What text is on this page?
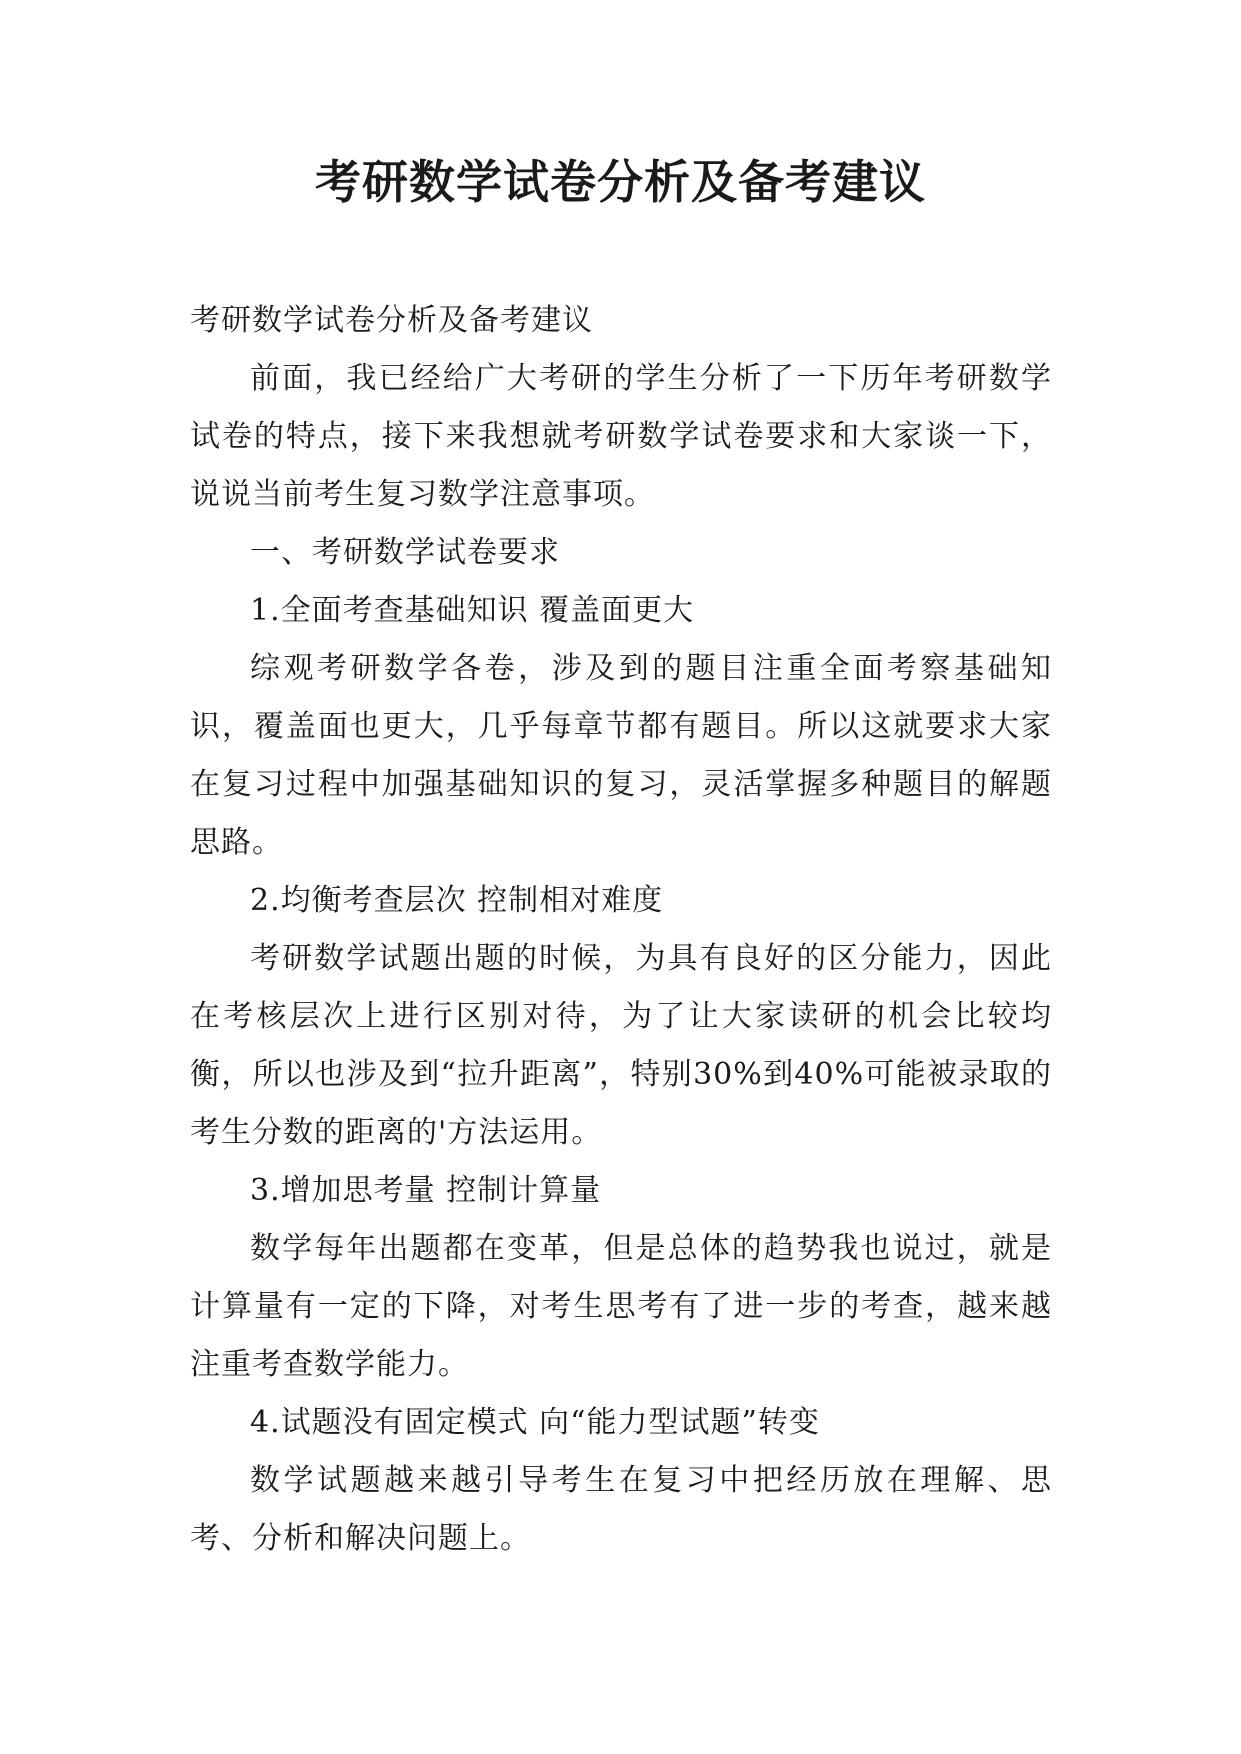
考研数学试卷分析及备考建议

考研数学试卷分析及备考建议

前面，我已经给广大考研的学生分析了一下历年考研数学试卷的特点，接下来我想就考研数学试卷要求和大家谈一下，说说当前考生复习数学注意事项。

一、考研数学试卷要求

1.全面考查基础知识 覆盖面更大

综观考研数学各卷，涉及到的题目注重全面考察基础知识，覆盖面也更大，几乎每章节都有题目。所以这就要求大家在复习过程中加强基础知识的复习，灵活掌握多种题目的解题思路。

2.均衡考查层次 控制相对难度

考研数学试题出题的时候，为具有良好的区分能力，因此在考核层次上进行区别对待，为了让大家读研的机会比较均衡，所以也涉及到“拉升距离”，特别30%到40%可能被录取的考生分数的距离的'方法运用。

3.增加思考量 控制计算量

数学每年出题都在变革，但是总体的趋势我也说过，就是计算量有一定的下降，对考生思考有了进一步的考查，越来越注重考查数学能力。

4.试题没有固定模式 向“能力型试题”转变

数学试题越来越引导考生在复习中把经历放在理解、思考、分析和解决问题上。
